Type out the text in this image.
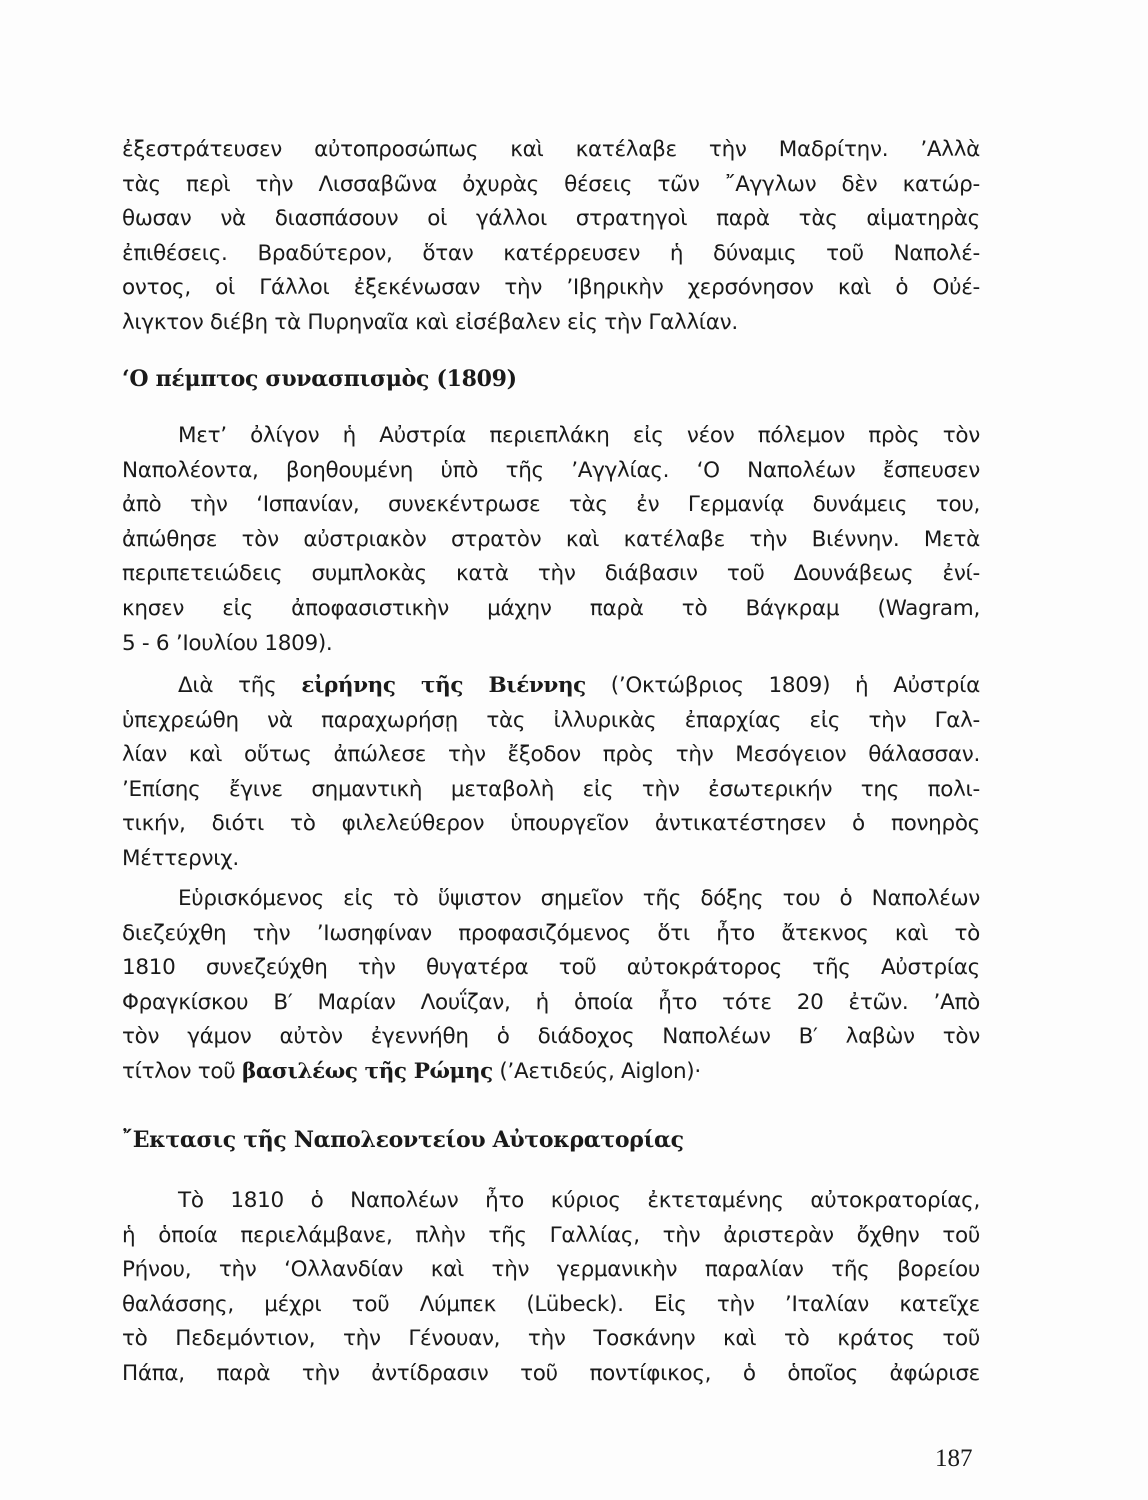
ἐξεστράτευσεν αὐτοπροσώπως καὶ κατέλαβε τὴν Μαδρίτην. ’Αλλὰ
τὰς περὶ τὴν Λισσαβῶνα ὀχυρὰς θέσεις τῶν ῎Αγγλων δὲν κατώρ-
θωσαν νὰ διασπάσουν οἱ γάλλοι στρατηγοὶ παρὰ τὰς αἱματηρὰς
ἐπιθέσεις. Βραδύτερον, ὅταν κατέρρευσεν ἡ δύναμις τοῦ Ναπολέ-
οντος, οἱ Γάλλοι ἐξεκένωσαν τὴν ’Ιβηρικὴν χερσόνησον καὶ ὁ Οὐέ-
λιγκτον διέβη τὰ Πυρηναῖα καὶ εἰσέβαλεν εἰς τὴν Γαλλίαν.
‘Ο πέμπτος συνασπισμὸς (1809)
Μετ’ ὀλίγον ἡ Αὐστρία περιεπλάκη εἰς νέον πόλεμον πρὸς τὸν
Ναπολέοντα, βοηθουμένη ὑπὸ τῆς ’Αγγλίας. ‘Ο Ναπολέων ἔσπευσεν
ἀπὸ τὴν ‘Ισπανίαν, συνεκέντρωσε τὰς ἐν Γερμανίᾳ δυνάμεις του,
ἀπώθησε τὸν αὐστριακὸν στρατὸν καὶ κατέλαβε τὴν Βιέννην. Μετὰ
περιπετειώδεις συμπλοκὰς κατὰ τὴν διάβασιν τοῦ Δουνάβεως ἐνί-
κησεν εἰς ἀποφασιστικὴν μάχην παρὰ τὸ Βάγκραμ (Wagram,
5 - 6 ’Ιουλίου 1809).
Διὰ τῆς εἰρήνης τῆς Βιέννης (’Οκτώβριος 1809) ἡ Αὐστρία
ὑπεχρεώθη νὰ παραχωρήσῃ τὰς ἰλλυρικὰς ἐπαρχίας εἰς τὴν Γαλ-
λίαν καὶ οὕτως ἀπώλεσε τὴν ἔξοδον πρὸς τὴν Μεσόγειον θάλασσαν.
’Επίσης ἔγινε σημαντικὴ μεταβολὴ εἰς τὴν ἐσωτερικήν της πολι-
τικήν, διότι τὸ φιλελεύθερον ὑπουργεῖον ἀντικατέστησεν ὁ πονηρὸς
Μέττερνιχ.
Εὑρισκόμενος εἰς τὸ ὕψιστον σημεῖον τῆς δόξης του ὁ Ναπολέων
διεζεύχθη τὴν ’Ιωσηφίναν προφασιζόμενος ὅτι ἦτο ἄτεκνος καὶ τὸ
1810 συνεζεύχθη τὴν θυγατέρα τοῦ αὐτοκράτορος τῆς Αὐστρίας
Φραγκίσκου Β′ Μαρίαν Λουΐζαν, ἡ ὁποία ἦτο τότε 20 ἐτῶν. ’Απὸ
τὸν γάμον αὐτὸν ἐγεννήθη ὁ διάδοχος Ναπολέων Β′ λαβὼν τὸν
τίτλον τοῦ βασιλέως τῆς Ρώμης (’Αετιδεύς, Aiglon)·
῎Εκτασις τῆς Ναπολεοντείου Αὐτοκρατορίας
Τὸ 1810 ὁ Ναπολέων ἦτο κύριος ἐκτεταμένης αὐτοκρατορίας,
ἡ ὁποία περιελάμβανε, πλὴν τῆς Γαλλίας, τὴν ἀριστερὰν ὄχθην τοῦ
Ρήνου, τὴν ‘Ολλανδίαν καὶ τὴν γερμανικὴν παραλίαν τῆς βορείου
θαλάσσης, μέχρι τοῦ Λύμπεκ (Lübeck). Εἰς τὴν ’Ιταλίαν κατεῖχε
τὸ Πεδεμόντιον, τὴν Γένουαν, τὴν Τοσκάνην καὶ τὸ κράτος τοῦ
Πάπα, παρὰ τὴν ἀντίδρασιν τοῦ ποντίφικος, ὁ ὁποῖος ἀφώρισε
187
